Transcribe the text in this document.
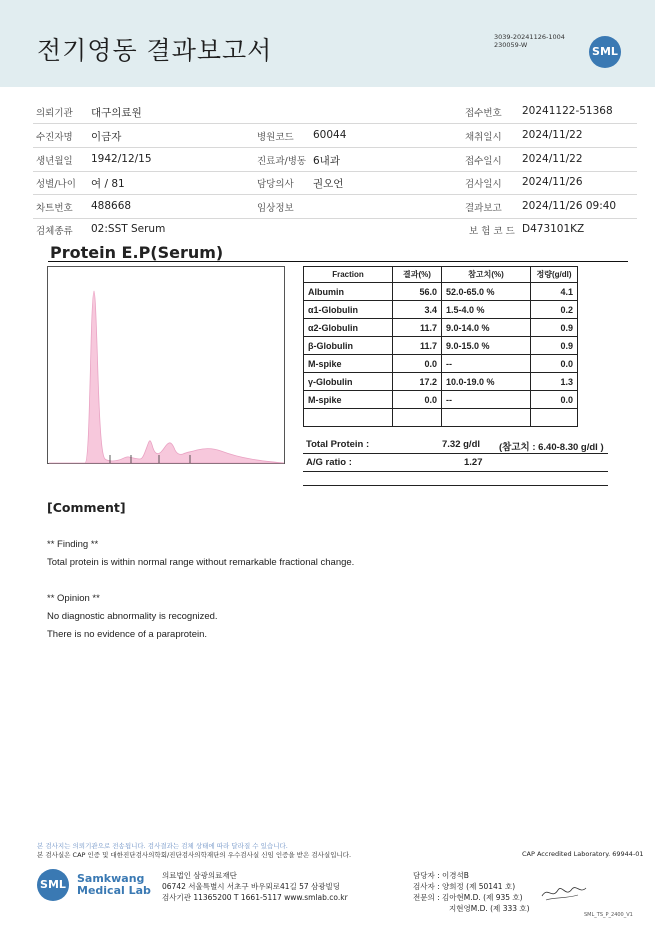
전기영동 결과보고서	3039-20241126-1004
230059-W	SML
의뢰기관 대구의료원	접수번호 20241122-51368
수진자명 이금자	병원코드 60044	채취일시 2024/11/22
생년월일 1942/12/15	진료과/병동 6내과	접수일시 2024/11/22
성별/나이 여 / 81	담당의사 권오언	검사일시 2024/11/26
차트번호 488668	임상정보	결과보고 2024/11/26 09:40
검체종류 02:SST Serum	보 험 코 드 D473101KZ
Protein E.P(Serum)
Fraction	결과(%)	참고치(%)	정량(g/dl)
Albumin	56.0	52.0-65.0 %	4.1
α1-Globulin	3.4	1.5-4.0 %	0.2
α2-Globulin	11.7	9.0-14.0 %	0.9
β-Globulin	11.7	9.0-15.0 %	0.9
M-spike	0.0	--	0.0
γ-Globulin	17.2	10.0-19.0 %	1.3
M-spike	0.0	--	0.0

Total Protein :	7.32 g/dl (참고치 : 6.40-8.30 g/dl )
A/G ratio :	1.27
[Comment]
** Finding **
Total protein is within normal range without remarkable fractional change.
** Opinion **
No diagnostic abnormality is recognized.
There is no evidence of a paraprotein.
본 검사지는 의뢰기관으로 전송됩니다. 검사결과는 검체 상태에 따라 달라질 수 있습니다.
본 검사실은 CAP 인증 및 대한진단검사의학회/진단검사의학재단의 우수검사실 신임 인증을 받은 검사실입니다.	CAP Accredited Laboratory. 69944-01
SML Samkwang
Medical Lab
의료법인 삼광의료재단
06742 서울특별시 서초구 바우뫼로41길 57 삼광빌딩
검사기관 11365200 T 1661-5117 www.smlab.co.kr
담당자 : 이경석B
검사자 : 양희정 (제 50141 호)
전문의 : 김아현M.D. (제 935 호)
지현영M.D. (제 333 호)
SML_TS_P_2400_V1
